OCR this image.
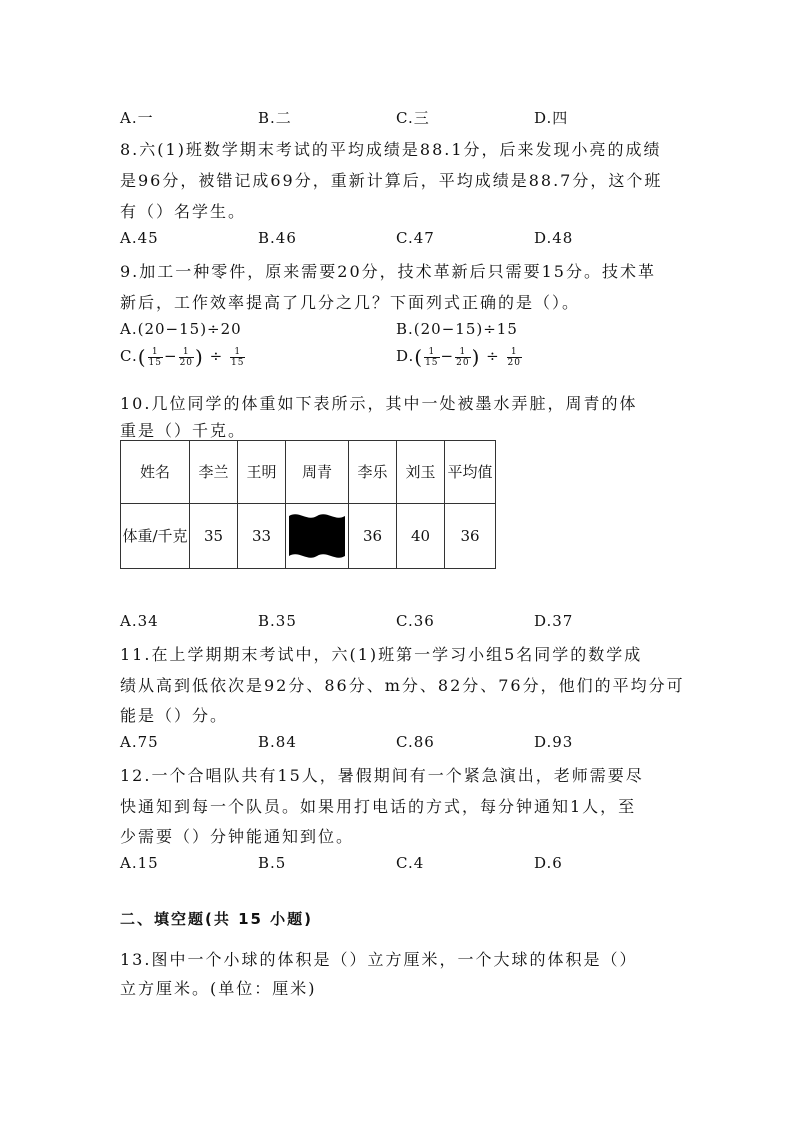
A.一	B.二	C.三	D.四
8.六(1)班数学期末考试的平均成绩是88.1分，后来发现小亮的成绩
是96分，被错记成69分，重新计算后，平均成绩是88.7分，这个班
有（）名学生。
A.45	B.46	C.47	D.48
9.加工一种零件，原来需要20分，技术革新后只需要15分。技术革
新后，工作效率提高了几分之几？下面列式正确的是（）。
A.(20−15)÷20	B.(20−15)÷15
$C.( \frac{1}{15} - \frac{1}{20}$ ) ÷ $\frac{1}{15}$	$D.( \frac{1}{15} - \frac{1}{20}$ ) ÷ $\frac{1}{20}$
10.几位同学的体重如下表所示，其中一处被墨水弄脏，周青的体
重是（）千克。
姓名	李兰	王明	周青	李乐	刘玉	平均值
体重/千克	35	33		36	40	36
A.34	B.35	C.36	D.37
11.在上学期期末考试中，六(1)班第一学习小组5名同学的数学成
绩从高到低依次是92分、86分、m分、82分、76分，他们的平均分可
能是（）分。
A.75	B.84	C.86	D.93
12.一个合唱队共有15人，暑假期间有一个紧急演出，老师需要尽
快通知到每一个队员。如果用打电话的方式，每分钟通知1人，至
少需要（）分钟能通知到位。
A.15	B.5	C.4	D.6
二、填空题(共 15 小题)
13.图中一个小球的体积是（）立方厘米，一个大球的体积是（）
立方厘米。(单位：厘米)
